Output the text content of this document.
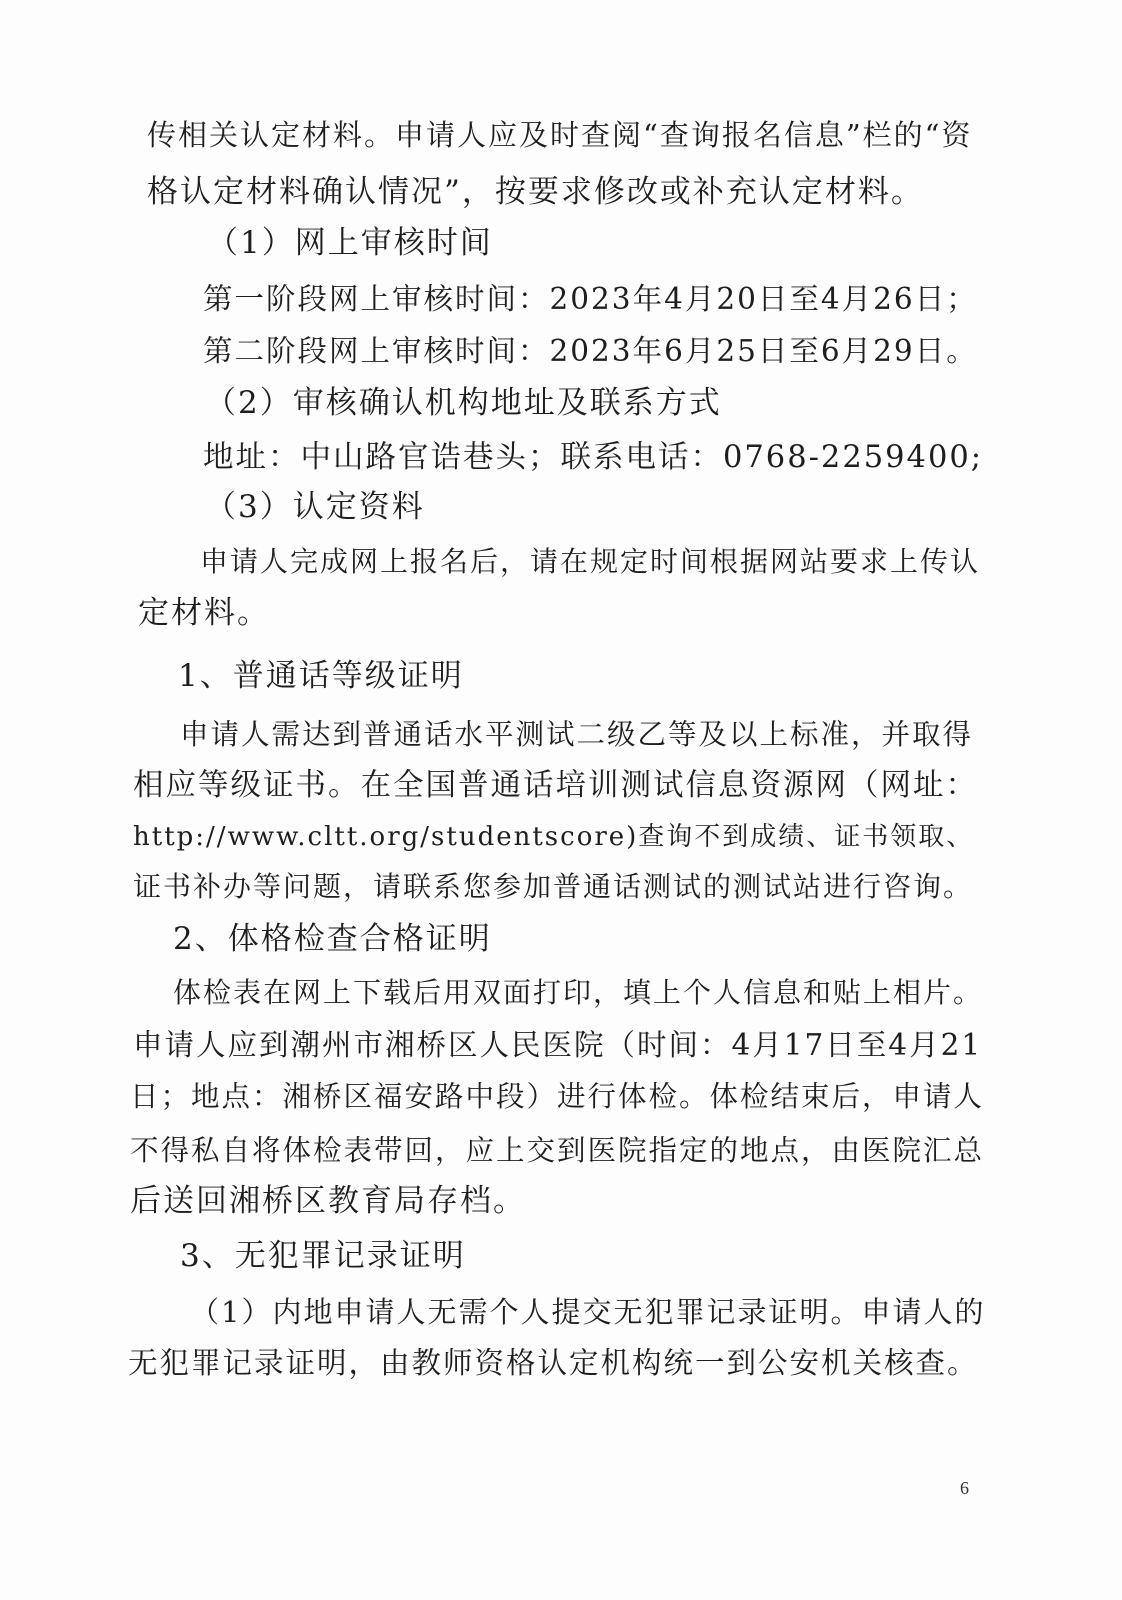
传相关认定材料。申请人应及时查阅“查询报名信息”栏的“资
格认定材料确认情况”，按要求修改或补充认定材料。
（1）网上审核时间
第一阶段网上审核时间：2023年4月20日至4月26日；
第二阶段网上审核时间：2023年6月25日至6月29日。
（2）审核确认机构地址及联系方式
地址：中山路官诰巷头；联系电话：0768-2259400;
（3）认定资料
申请人完成网上报名后，请在规定时间根据网站要求上传认
定材料。
1、普通话等级证明
申请人需达到普通话水平测试二级乙等及以上标准，并取得
相应等级证书。在全国普通话培训测试信息资源网（网址：
http://www.cltt.org/studentscore)查询不到成绩、证书领取、
证书补办等问题，请联系您参加普通话测试的测试站进行咨询。
2、体格检查合格证明
体检表在网上下载后用双面打印，填上个人信息和贴上相片。
申请人应到潮州市湘桥区人民医院（时间：4月17日至4月21
日；地点：湘桥区福安路中段）进行体检。体检结束后，申请人
不得私自将体检表带回，应上交到医院指定的地点，由医院汇总
后送回湘桥区教育局存档。
3、无犯罪记录证明
（1）内地申请人无需个人提交无犯罪记录证明。申请人的
无犯罪记录证明，由教师资格认定机构统一到公安机关核查。
6
